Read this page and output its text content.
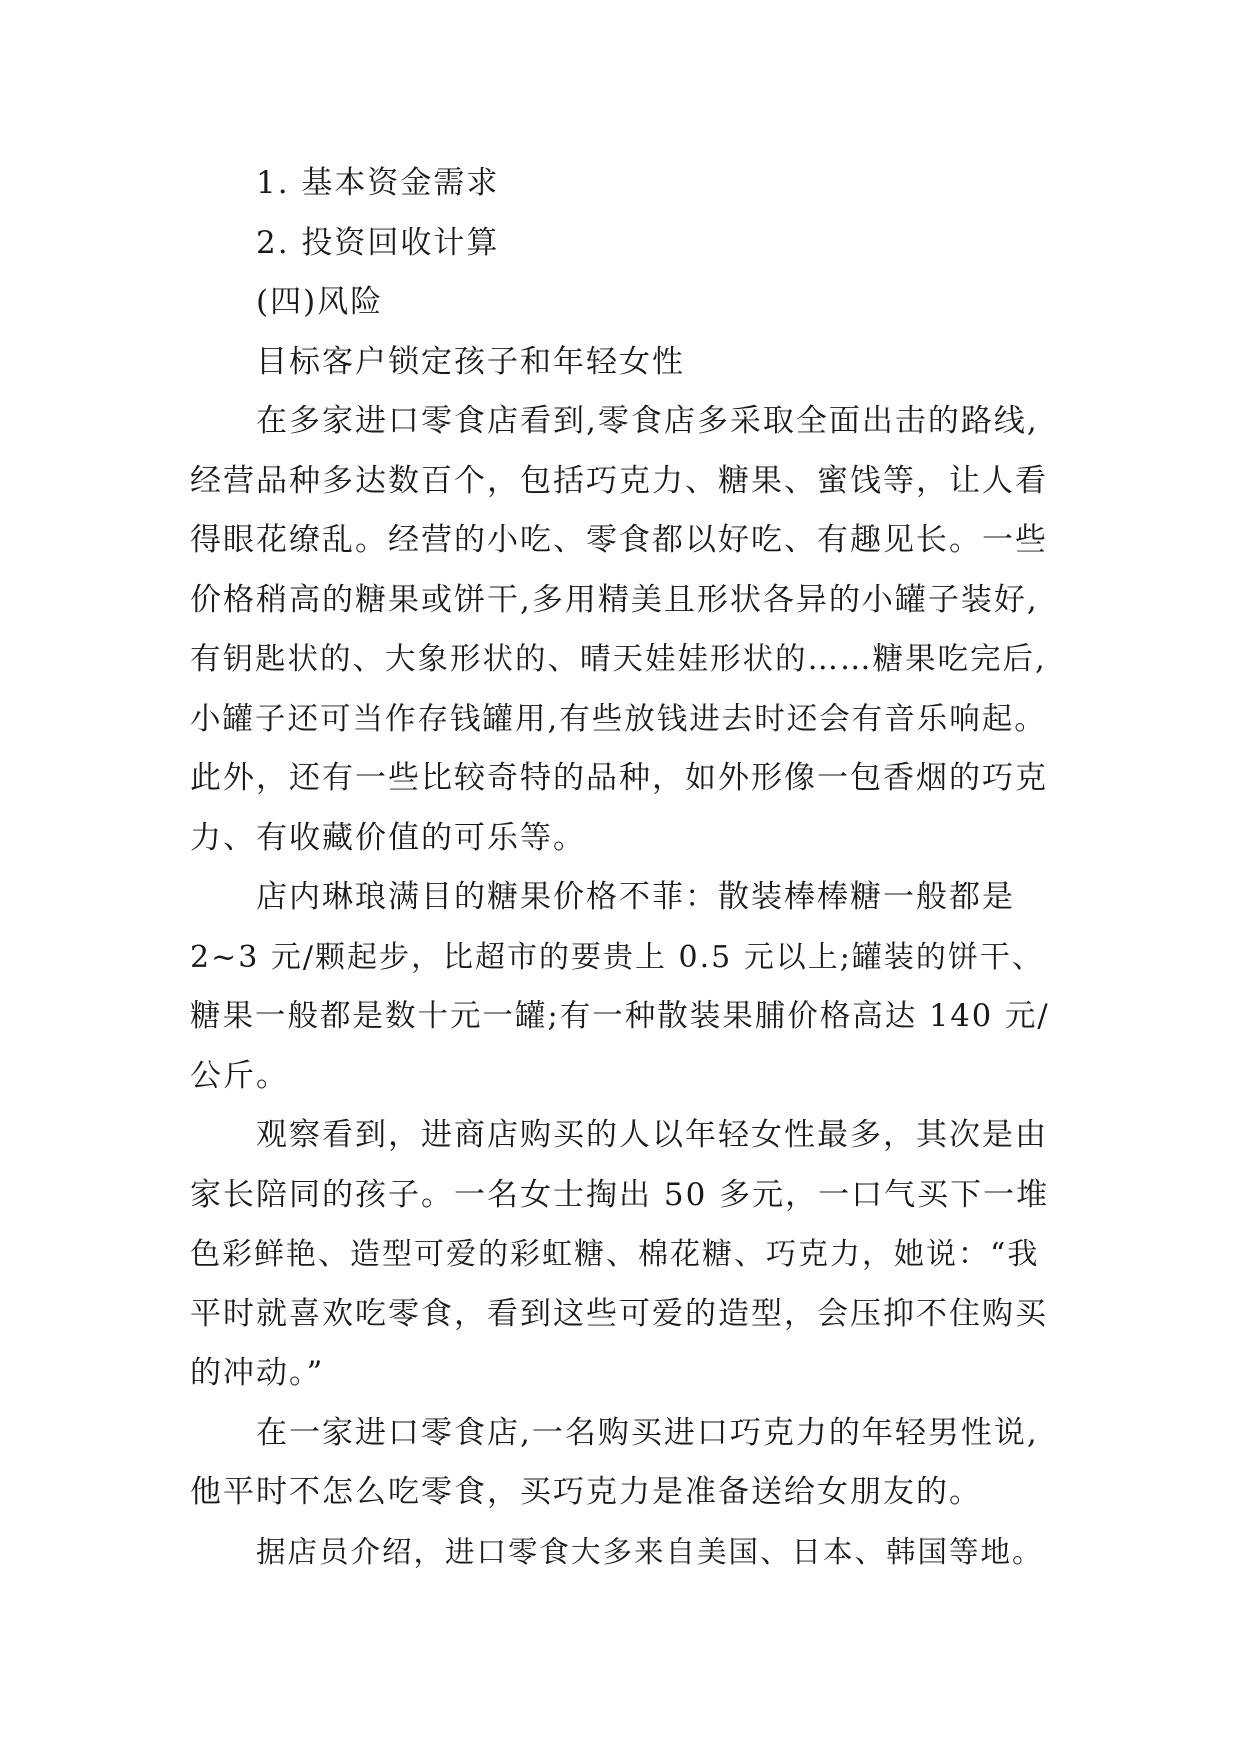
1. 基本资金需求
2. 投资回收计算
(四)风险
目标客户锁定孩子和年轻女性
在多家进口零食店看到,零食店多采取全面出击的路线,
经营品种多达数百个，包括巧克力、糖果、蜜饯等，让人看
得眼花缭乱。经营的小吃、零食都以好吃、有趣见长。一些
价格稍高的糖果或饼干,多用精美且形状各异的小罐子装好,
有钥匙状的、大象形状的、晴天娃娃形状的……糖果吃完后,
小罐子还可当作存钱罐用,有些放钱进去时还会有音乐响起。
此外，还有一些比较奇特的品种，如外形像一包香烟的巧克
力、有收藏价值的可乐等。
店内琳琅满目的糖果价格不菲：散装棒棒糖一般都是
2~3 元/颗起步，比超市的要贵上 0.5 元以上;罐装的饼干、
糖果一般都是数十元一罐;有一种散装果脯价格高达 140 元/
公斤。
观察看到，进商店购买的人以年轻女性最多，其次是由
家长陪同的孩子。一名女士掏出 50 多元，一口气买下一堆
色彩鲜艳、造型可爱的彩虹糖、棉花糖、巧克力，她说：“我
平时就喜欢吃零食，看到这些可爱的造型，会压抑不住购买
的冲动。”
在一家进口零食店,一名购买进口巧克力的年轻男性说,
他平时不怎么吃零食，买巧克力是准备送给女朋友的。
据店员介绍，进口零食大多来自美国、日本、韩国等地。
